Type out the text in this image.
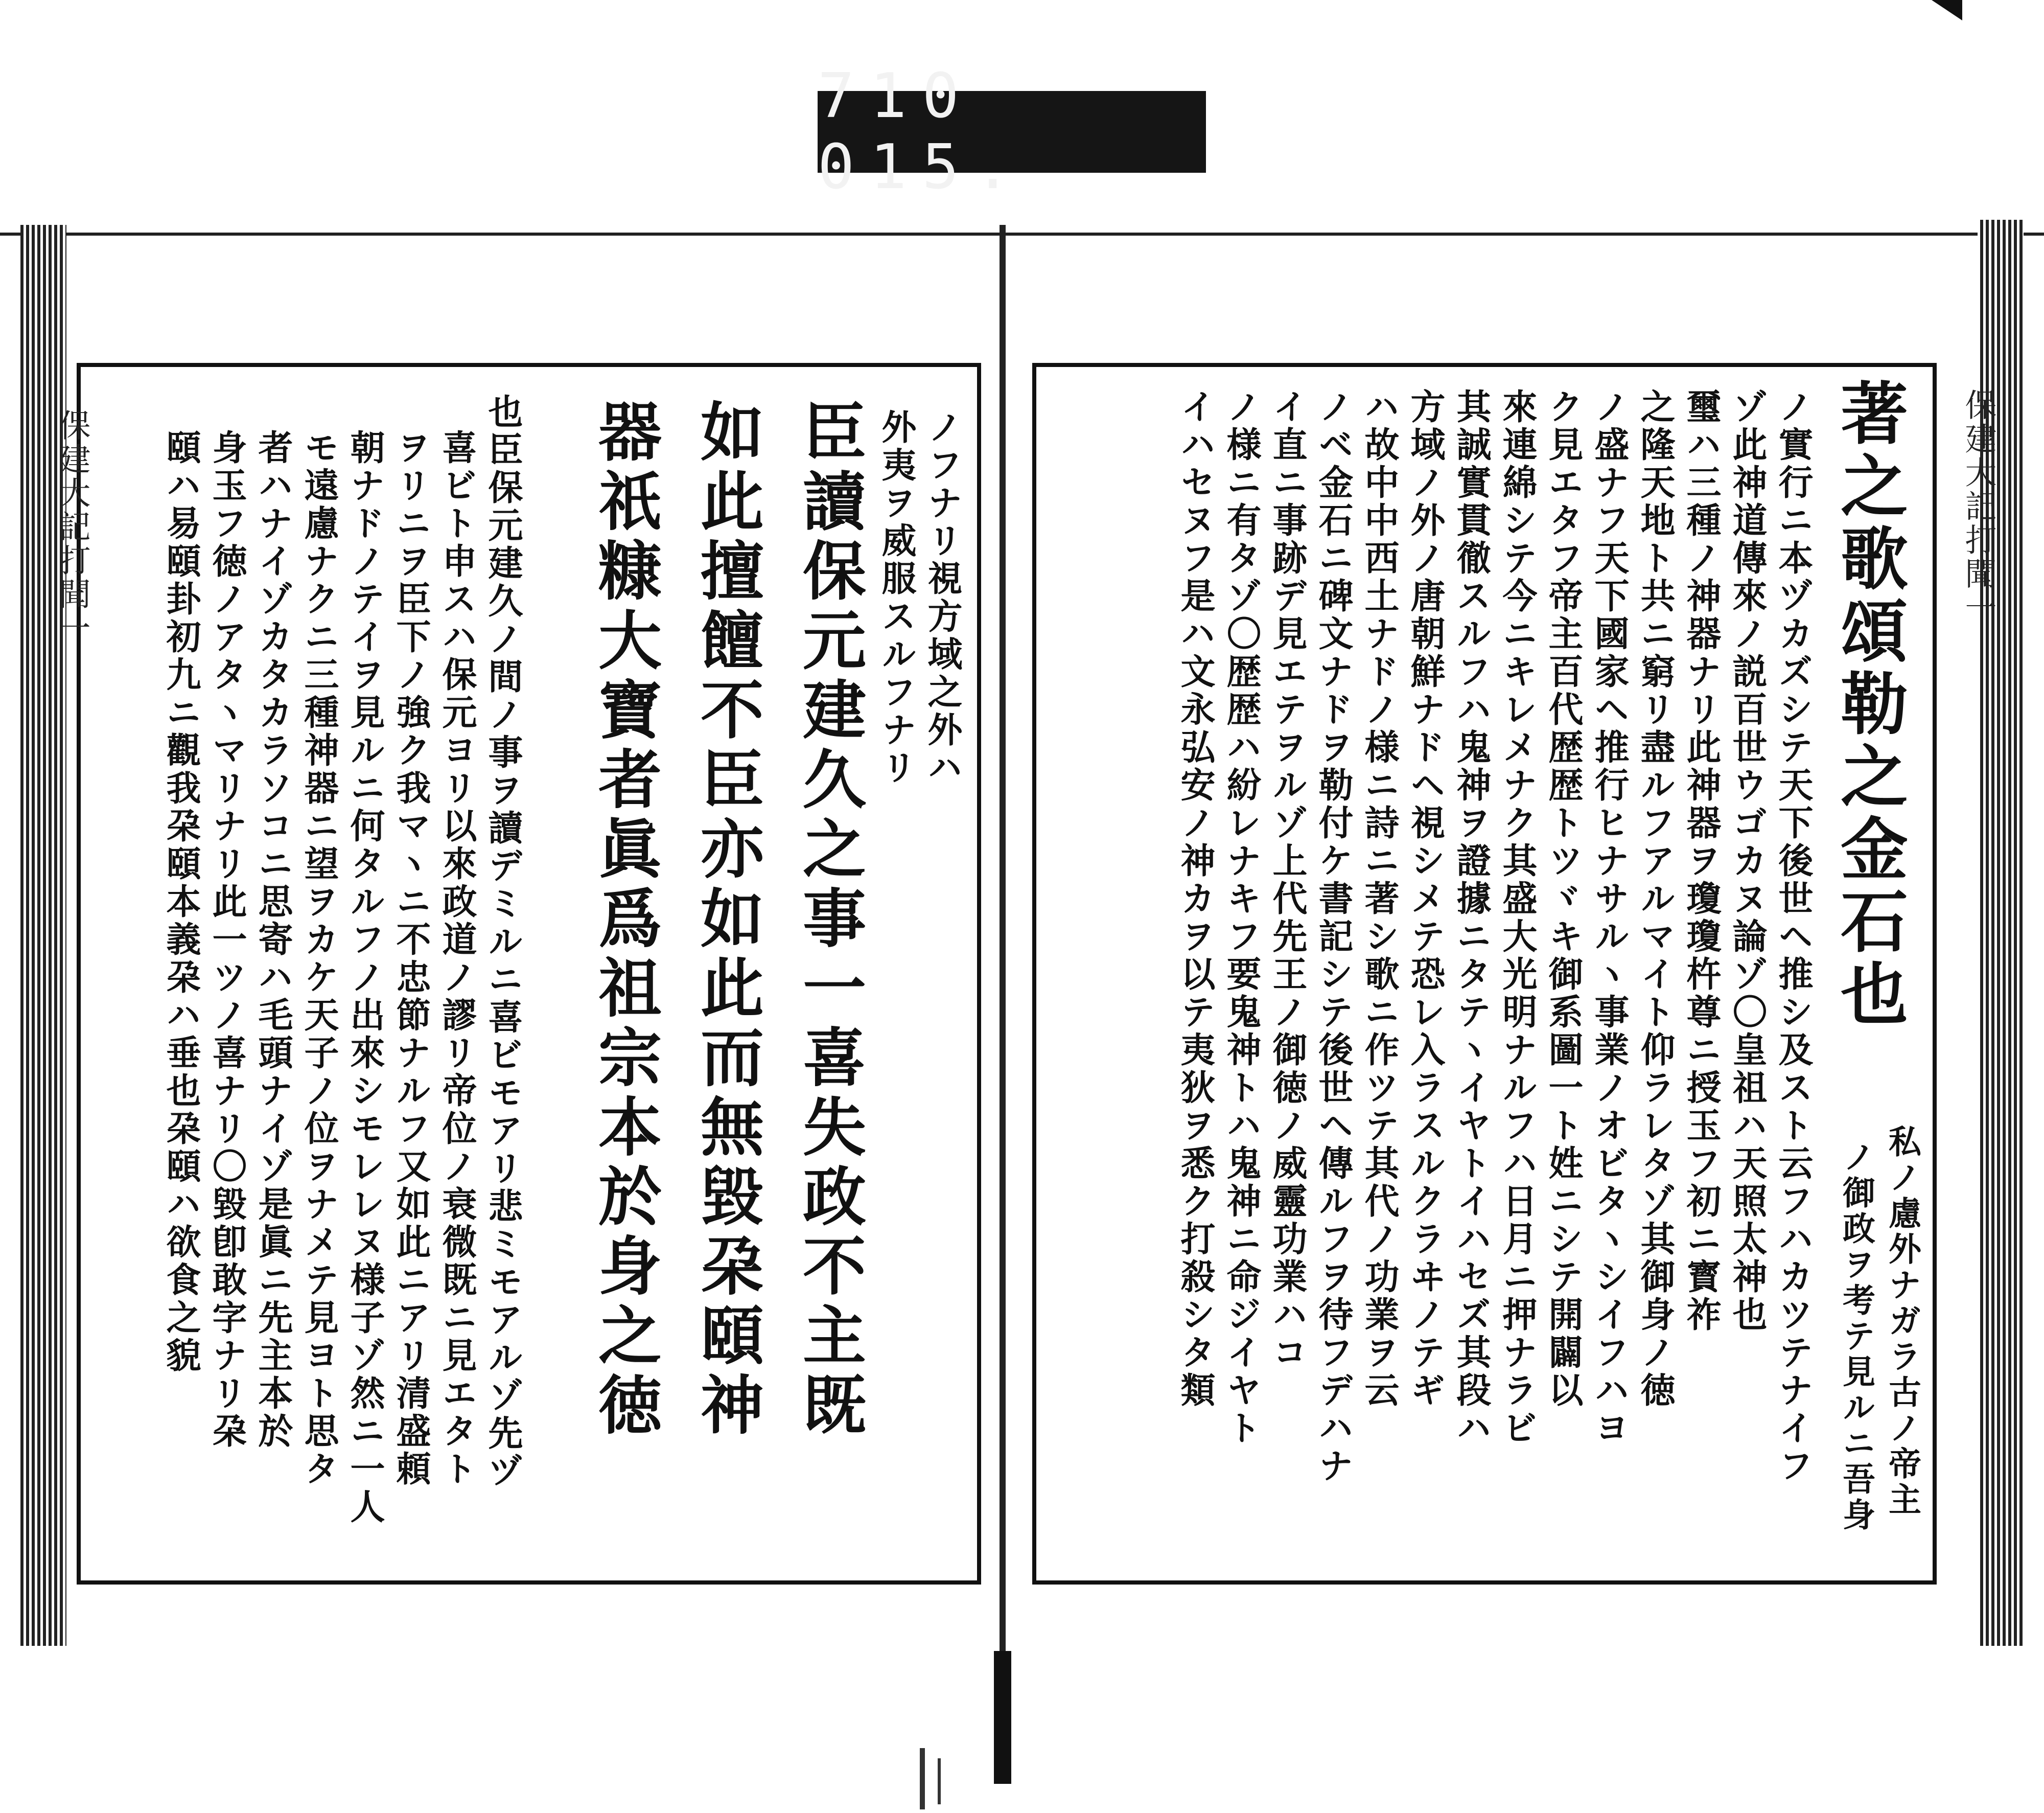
710 015.
保建大記打聞一
著之歌頌勒之金石也
私ノ慮外ナガラ古ノ帝主
ノ御政ヲ考テ見ルニ吾身
ノ實行ニ本ヅカズシテ天下後世ヘ推シ及スト云フハカツテナイフ
ゾ此神道傳來ノ説百世ウゴカヌ論ゾ〇皇祖ハ天照太神也
璽ハ三種ノ神器ナリ此神器ヲ瓊瓊杵尊ニ授玉フ初ニ寳祚
之隆天地ト共ニ窮リ盡ルフアルマイト仰ラレタゾ其御身ノ徳
ノ盛ナフ天下國家ヘ推行ヒナサルヽ事業ノオビタヽシイフハヨ
ク見エタフ帝主百代歴歴トツヾキ御系圖一ト姓ニシテ開闢以
來連綿シテ今ニキレメナク其盛大光明ナルフハ日月ニ押ナラビ
其誠實貫徹スルフハ鬼神ヲ證據ニタテヽイヤトイハセズ其段ハ
方域ノ外ノ唐朝鮮ナドヘ視シメテ恐レ入ラスルクラヰノテギ
ハ故中中西土ナドノ様ニ詩ニ著シ歌ニ作ツテ其代ノ功業ヲ云
ノベ金石ニ碑文ナドヲ勒付ケ書記シテ後世ヘ傳ルフヲ待フデハナ
イ直ニ事跡デ見エテヲルゾ上代先王ノ御徳ノ威靈功業ハコ
ノ様ニ有タゾ〇歴歴ハ紛レナキフ要鬼神トハ鬼神ニ命ジイヤト
イハセヌフ是ハ文永弘安ノ神カヲ以テ夷狄ヲ悉ク打殺シタ類
ノフナリ視方域之外ハ
外夷ヲ威服スルフナリ
臣讀保元建久之事一喜失政不主既
如此擅饘不臣亦如此而無毀朶頤神
器祇糠大寶者眞爲祖宗本於身之徳
也臣保元建久ノ間ノ事ヲ讀デミルニ喜ビモアリ悲ミモアルゾ先ヅ
喜ビト申スハ保元ヨリ以來政道ノ謬リ帝位ノ衰微既ニ見エタト
ヲリニヲ臣下ノ強ク我マヽニ不忠節ナルフ又如此ニアリ清盛頼
朝ナドノテイヲ見ルニ何タルフノ出來シモレレヌ様子ゾ然ニ一人
モ遠慮ナクニ三種神器ニ望ヲカケ天子ノ位ヲナメテ見ヨト思タ
者ハナイゾカタカラソコニ思寄ハ毛頭ナイゾ是眞ニ先主本於
身玉フ徳ノアタヽマリナリ此一ツノ喜ナリ〇毀卽敢字ナリ朶
頤ハ易頤卦初九ニ觀我朶頤本義朶ハ垂也朶頤ハ欲食之貌
保建大記打聞一
